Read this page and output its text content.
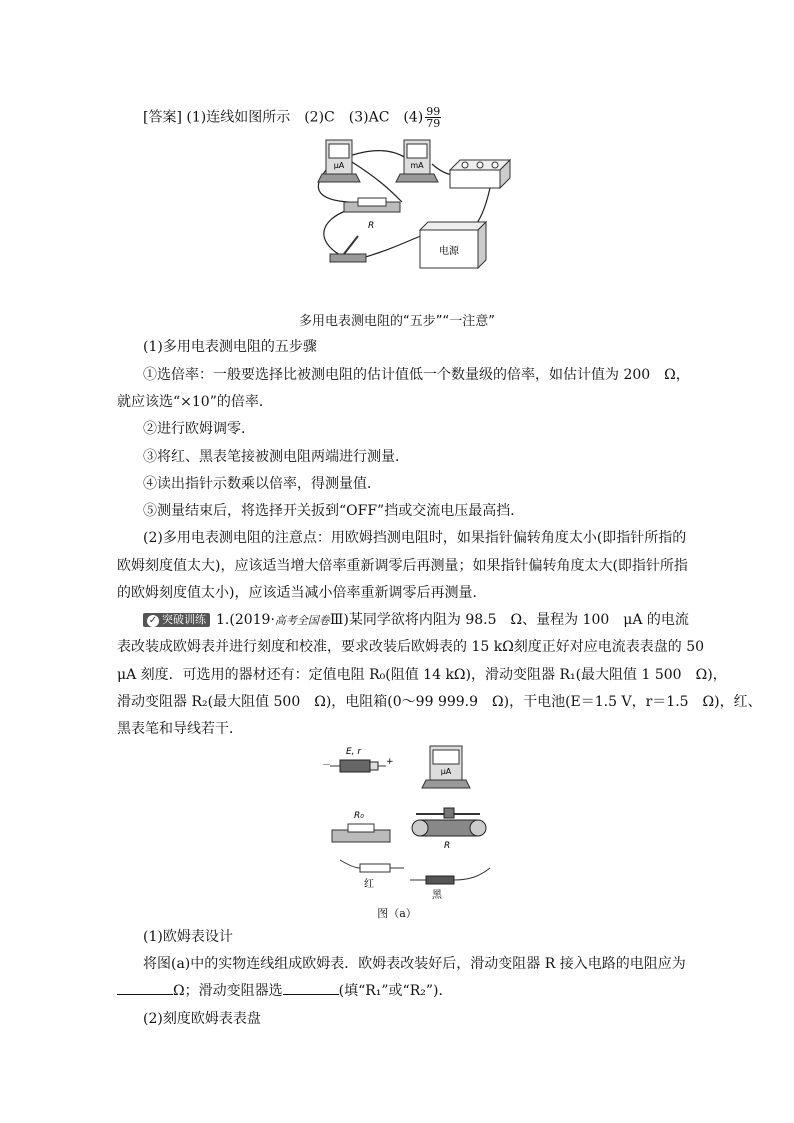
[答案] (1)连线如图所示　(2)C　(3)AC　$(4) \frac{99}{79}$
μA	mA
R
电源
多用电表测电阻的“五步”“一注意”
(1)多用电表测电阻的五步骤
①选倍率：一般要选择比被测电阻的估计值低一个数量级的倍率，如估计值为 200　Ω，
就应该选“×10”的倍率．
②进行欧姆调零．
③将红、黑表笔接被测电阻两端进行测量．
④读出指针示数乘以倍率，得测量值．
⑤测量结束后，将选择开关扳到“OFF”挡或交流电压最高挡．
(2)多用电表测电阻的注意点：用欧姆挡测电阻时，如果指针偏转角度太小(即指针所指的
欧姆刻度值太大)，应该适当增大倍率重新调零后再测量；如果指针偏转角度太大(即指针所指
的欧姆刻度值太小)，应该适当减小倍率重新调零后再测量．
✓ 突破训练 1.(2019·高考全国卷Ⅲ)某同学欲将内阻为 98.5　Ω、量程为 100　μA 的电流
表改装成欧姆表并进行刻度和校准，要求改装后欧姆表的 15 kΩ刻度正好对应电流表表盘的 50
μA 刻度．可选用的器材还有：定值电阻 R₀(阻值 14 kΩ)，滑动变阻器 R₁(最大阻值 1 500　Ω)，
滑动变阻器 R₂(最大阻值 500　Ω)，电阻箱(0～99 999.9　Ω)，干电池(E＝1.5 V，r＝1.5　Ω)，红、
黑表笔和导线若干．
E, r
－	+
μA
R₀
R
红
黑
图（a）
(1)欧姆表设计
将图(a)中的实物连线组成欧姆表．欧姆表改装好后，滑动变阻器 R 接入电路的电阻应为
Ω；滑动变阻器选	(填“R₁”或“R₂”)．
(2)刻度欧姆表表盘
